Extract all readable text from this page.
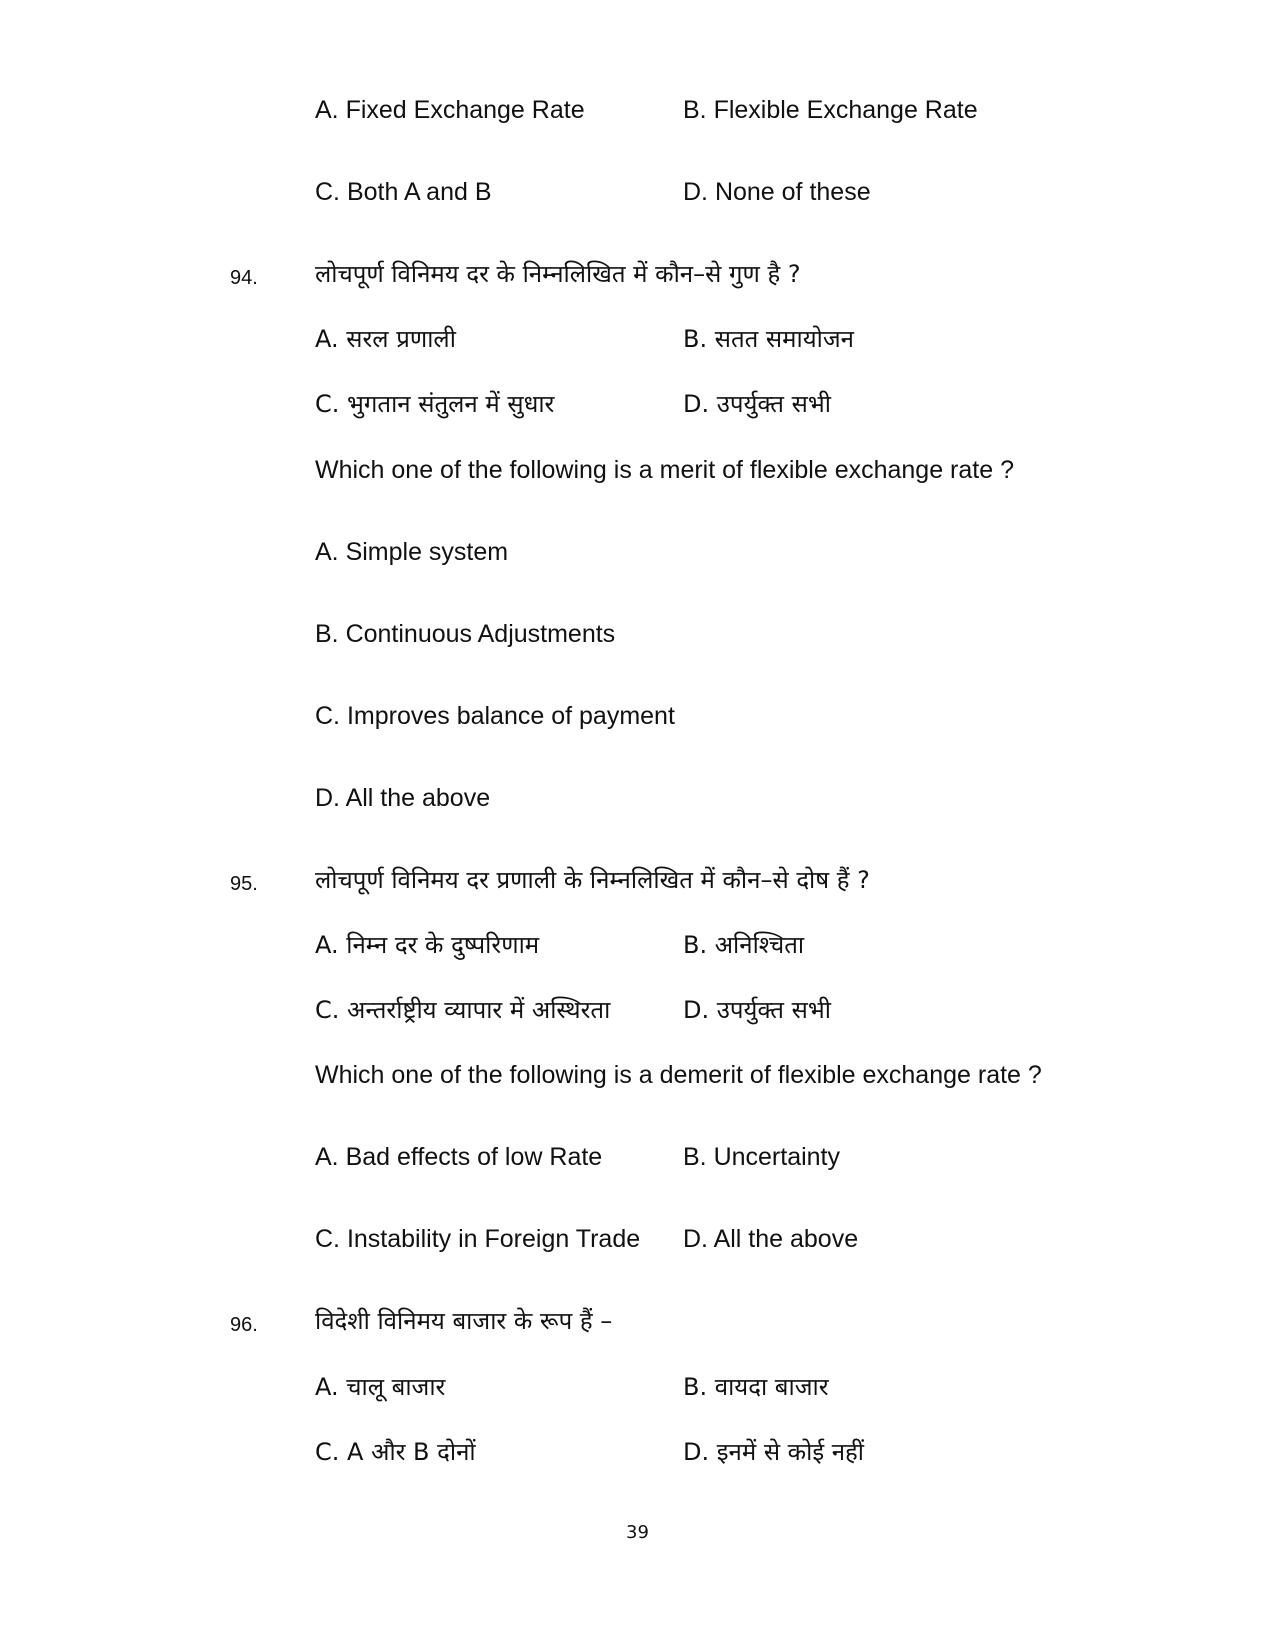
A. Fixed Exchange Rate	B. Flexible Exchange Rate
C. Both A and B	D. None of these
94. लोचपूर्ण विनिमय दर के निम्नलिखित में कौन–से गुण है ?
A. सरल प्रणाली	B. सतत समायोजन
C. भुगतान संतुलन में सुधार	D. उपर्युक्त सभी
Which one of the following is a merit of flexible exchange rate ?
A. Simple system
B. Continuous Adjustments
C. Improves balance of payment
D. All the above
95. लोचपूर्ण विनिमय दर प्रणाली के निम्नलिखित में कौन–से दोष हैं ?
A. निम्न दर के दुष्परिणाम	B. अनिश्चिता
C. अन्तर्राष्ट्रीय व्यापार में अस्थिरता	D. उपर्युक्त सभी
Which one of the following is a demerit of flexible exchange rate ?
A. Bad effects of low Rate	B. Uncertainty
C. Instability in Foreign Trade D. All the above
96. विदेशी विनिमय बाजार के रूप हैं –
A. चालू बाजार	B. वायदा बाजार
C. A और B दोनों	D. इनमें से कोई नहीं
39
